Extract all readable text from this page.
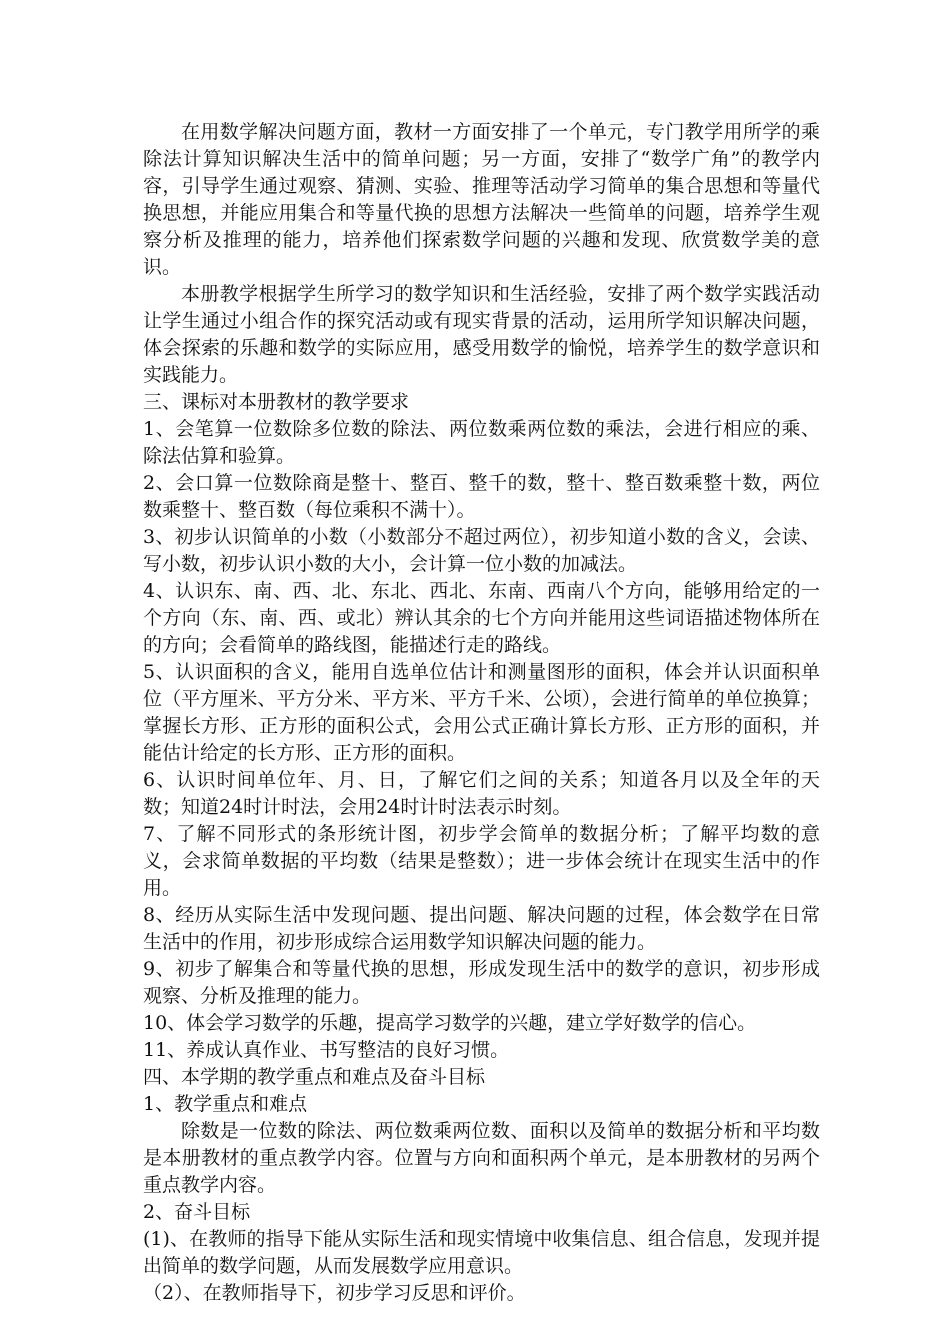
在用数学解决问题方面，教材一方面安排了一个单元，专门教学用所学的乘除法计算知识解决生活中的简单问题；另一方面，安排了“数学广角”的教学内容，引导学生通过观察、猜测、实验、推理等活动学习简单的集合思想和等量代换思想，并能应用集合和等量代换的思想方法解决一些简单的问题，培养学生观察分析及推理的能力，培养他们探索数学问题的兴趣和发现、欣赏数学美的意识。

本册教学根据学生所学习的数学知识和生活经验，安排了两个数学实践活动让学生通过小组合作的探究活动或有现实背景的活动，运用所学知识解决问题，体会探索的乐趣和数学的实际应用，感受用数学的愉悦，培养学生的数学意识和实践能力。

三、课标对本册教材的教学要求

1、会笔算一位数除多位数的除法、两位数乘两位数的乘法，会进行相应的乘、除法估算和验算。

2、会口算一位数除商是整十、整百、整千的数，整十、整百数乘整十数，两位数乘整十、整百数（每位乘积不满十）。

3、初步认识简单的小数（小数部分不超过两位），初步知道小数的含义，会读、写小数，初步认识小数的大小，会计算一位小数的加减法。

4、认识东、南、西、北、东北、西北、东南、西南八个方向，能够用给定的一个方向（东、南、西、或北）辨认其余的七个方向并能用这些词语描述物体所在的方向；会看简单的路线图，能描述行走的路线。

5、认识面积的含义，能用自选单位估计和测量图形的面积，体会并认识面积单位（平方厘米、平方分米、平方米、平方千米、公顷），会进行简单的单位换算；掌握长方形、正方形的面积公式，会用公式正确计算长方形、正方形的面积，并能估计给定的长方形、正方形的面积。

6、认识时间单位年、月、日，了解它们之间的关系；知道各月以及全年的天数；知道24时计时法，会用24时计时法表示时刻。

7、了解不同形式的条形统计图，初步学会简单的数据分析；了解平均数的意义，会求简单数据的平均数（结果是整数）；进一步体会统计在现实生活中的作用。

8、经历从实际生活中发现问题、提出问题、解决问题的过程，体会数学在日常生活中的作用，初步形成综合运用数学知识解决问题的能力。

9、初步了解集合和等量代换的思想，形成发现生活中的数学的意识，初步形成观察、分析及推理的能力。

10、体会学习数学的乐趣，提高学习数学的兴趣，建立学好数学的信心。

11、养成认真作业、书写整洁的良好习惯。

四、本学期的教学重点和难点及奋斗目标

1、教学重点和难点

除数是一位数的除法、两位数乘两位数、面积以及简单的数据分析和平均数是本册教材的重点教学内容。位置与方向和面积两个单元，是本册教材的另两个重点教学内容。

2、奋斗目标

(1)、在教师的指导下能从实际生活和现实情境中收集信息、组合信息，发现并提出简单的数学问题，从而发展数学应用意识。

（2）、在教师指导下，初步学习反思和评价。
